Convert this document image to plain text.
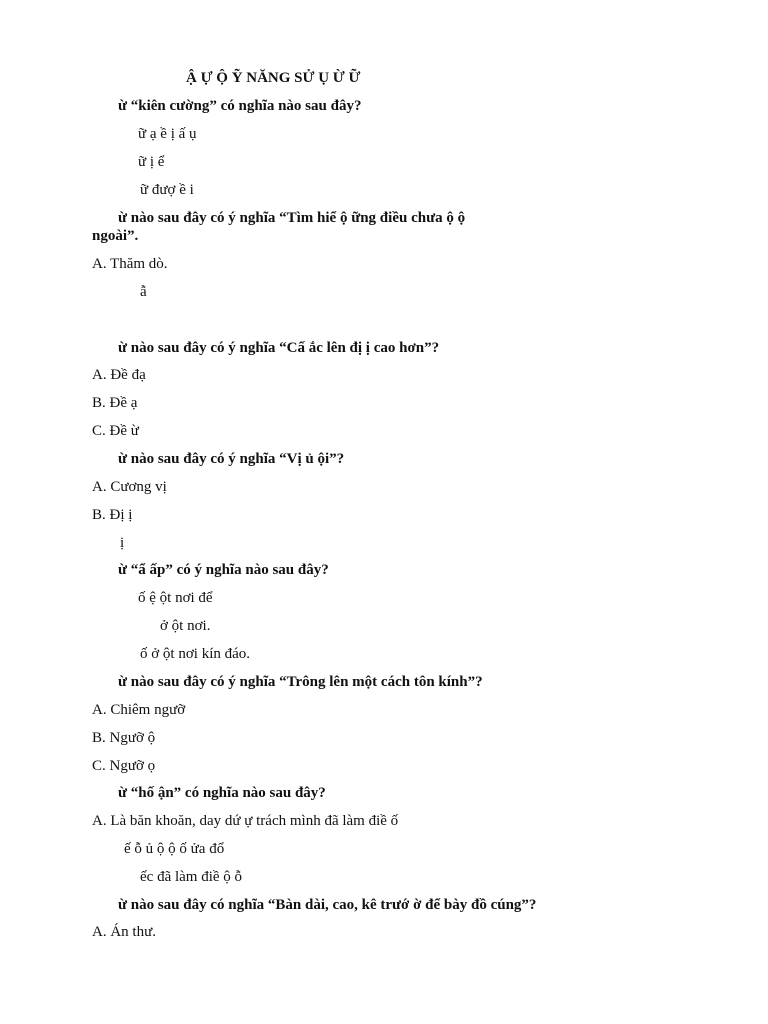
Ậ Ự Ộ Ỹ NĂNG SỬ Ụ Ừ Ữ
ừ “kiên cường” có nghĩa nào sau đây?
ữ ạ ề ị ấ ụ
ữ ị ể
ữ đượ ề i
ừ nào sau đây có ý nghĩa “Tìm hiể ộ ững điều chưa ộ ộ
ngoài”.
A. Thăm dò.
ẫ
ừ nào sau đây có ý nghĩa “Cấ ắc lên đị ị cao hơn”?
A. Đề đạ
B. Đề ạ
C. Đề ừ
ừ nào sau đây có ý nghĩa “Vị ủ ội”?
A. Cương vị
B. Đị ị
ị
ừ “ẩ ấp” có ý nghĩa nào sau đây?
ố ệ ột nơi để
ở ột nơi.
ố ở ột nơi kín đáo.
ừ nào sau đây có ý nghĩa “Trông lên một cách tôn kính”?
A. Chiêm ngưỡ
B. Ngưỡ ộ
C. Ngưỡ ọ
ừ “hố ận” có nghĩa nào sau đây?
A. Là băn khoăn, day dứ ự trách mình đã làm điề ố
ế ỗ ủ ộ ộ ố ửa đổ
ếc đã làm điề ộ ỗ
ừ nào sau đây có nghĩa “Bàn dài, cao, kê trướ ờ để bày đồ cúng”?
A. Án thư.
